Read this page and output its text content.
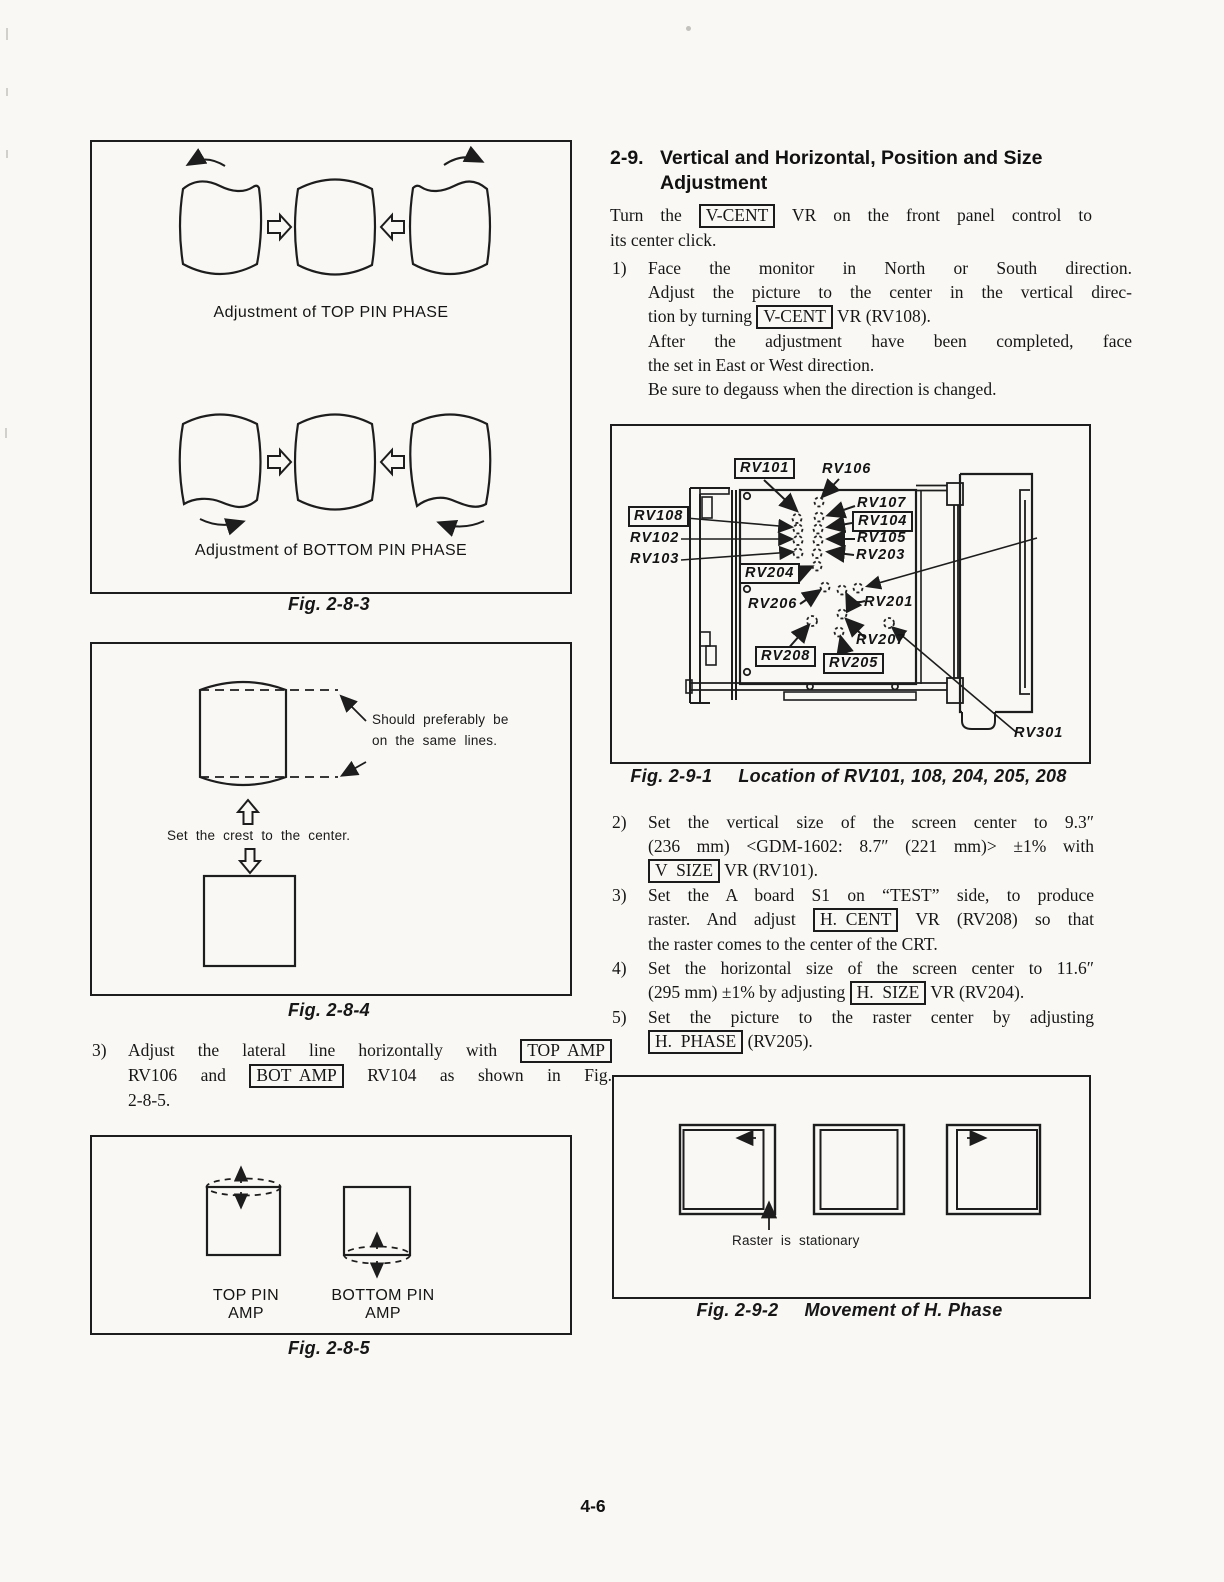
Adjustment of TOP PIN PHASE
Adjustment of BOTTOM PIN PHASE
Fig. 2-8-3
Should preferably be
on the same lines.
Set the crest to the center.
Fig. 2-8-4
3) Adjust the lateral line horizontally with TOP  AMP
RV106 and BOT  AMP RV104 as shown in Fig.
2-8-5.
TOP PIN AMP
BOTTOM PIN AMP
Fig. 2-8-5
2-9. Vertical and Horizontal, Position and Size
Adjustment
Turn the V-CENT VR on the front panel control to
its center click.
1) Face the monitor in North or South direction.
Adjust the picture to the center in the vertical direc-
tion by turning V-CENT VR (RV108).
After the adjustment have been completed, face
the set in East or West direction.
Be sure to degauss when the direction is changed.
RV101	RV106
RV107
RV104
RV105
RV203
RV108
RV102
RV103
RV204
RV206	RV201
RV207
RV208	RV205
RV301
Fig. 2-9-1 Location of RV101, 108, 204, 205, 208
2) Set the vertical size of the screen center to 9.3″
(236 mm) <GDM-1602: 8.7″ (221 mm)> ±1% with
V  SIZE VR (RV101).
3) Set the A board S1 on “TEST” side, to produce
raster. And adjust H.  CENT VR (RV208) so that
the raster comes to the center of the CRT.
4) Set the horizontal size of the screen center to 11.6″
(295 mm) ±1% by adjusting H.  SIZE VR (RV204).
5) Set the picture to the raster center by adjusting
H.  PHASE (RV205).
Raster is stationary
Fig. 2-9-2 Movement of H. Phase
4-6
